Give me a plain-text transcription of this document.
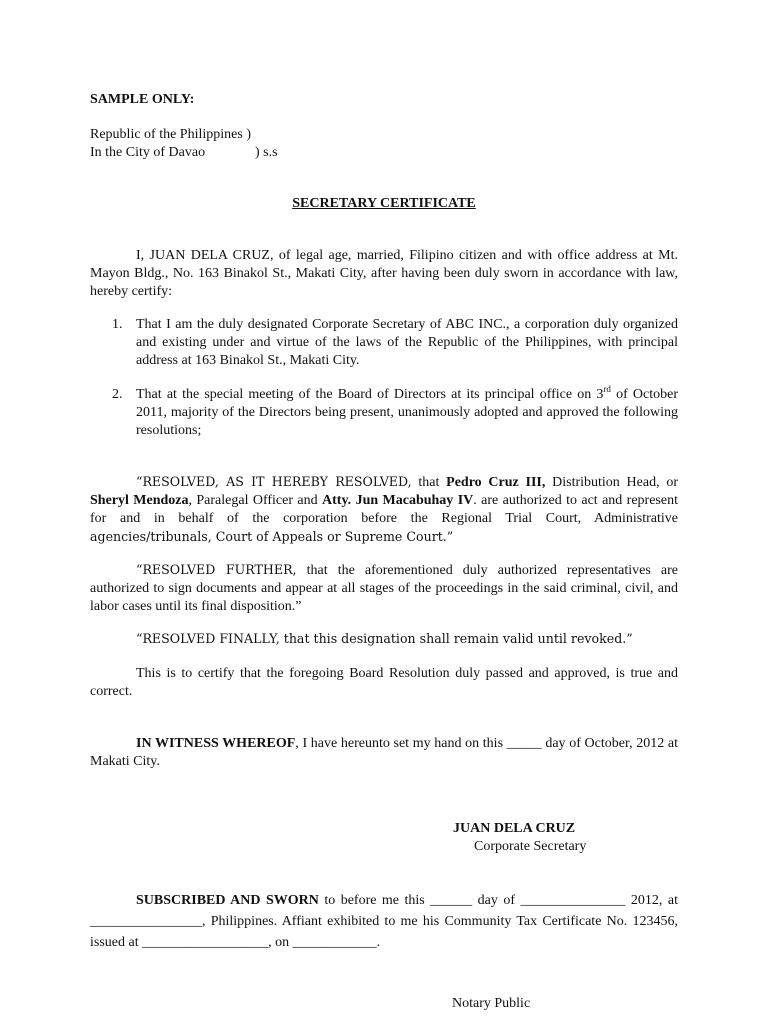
SAMPLE ONLY:
Republic of the Philippines )
In the City of Davao	) s.s
SECRETARY CERTIFICATE
I, JUAN DELA CRUZ, of legal age, married, Filipino citizen and with office address at Mt. Mayon Bldg., No. 163 Binakol St., Makati City, after having been duly sworn in accordance with law, hereby certify:
1. That I am the duly designated Corporate Secretary of ABC INC., a corporation duly organized and existing under and virtue of the laws of the Republic of the Philippines, with principal address at 163 Binakol St., Makati City.
2. That at the special meeting of the Board of Directors at its principal office on 3rd of October 2011, majority of the Directors being present, unanimously adopted and approved the following resolutions;
“RESOLVED, AS IT HEREBY RESOLVED, that Pedro Cruz III, Distribution Head, or Sheryl Mendoza, Paralegal Officer and Atty. Jun Macabuhay IV. are authorized to act and represent for and in behalf of the corporation before the Regional Trial Court, Administrative agencies/tribunals, Court of Appeals or Supreme Court.”
“RESOLVED FURTHER, that the aforementioned duly authorized representatives are authorized to sign documents and appear at all stages of the proceedings in the said criminal, civil, and labor cases until its final disposition.”
“RESOLVED FINALLY, that this designation shall remain valid until revoked.”
This is to certify that the foregoing Board Resolution duly passed and approved, is true and correct.
IN WITNESS WHEREOF, I have hereunto set my hand on this _____ day of October, 2012 at Makati City.
JUAN DELA CRUZ
Corporate Secretary
SUBSCRIBED AND SWORN to before me this ______ day of _______________ 2012, at ________________, Philippines. Affiant exhibited to me his Community Tax Certificate No. 123456, issued at __________________, on ____________.
Notary Public
